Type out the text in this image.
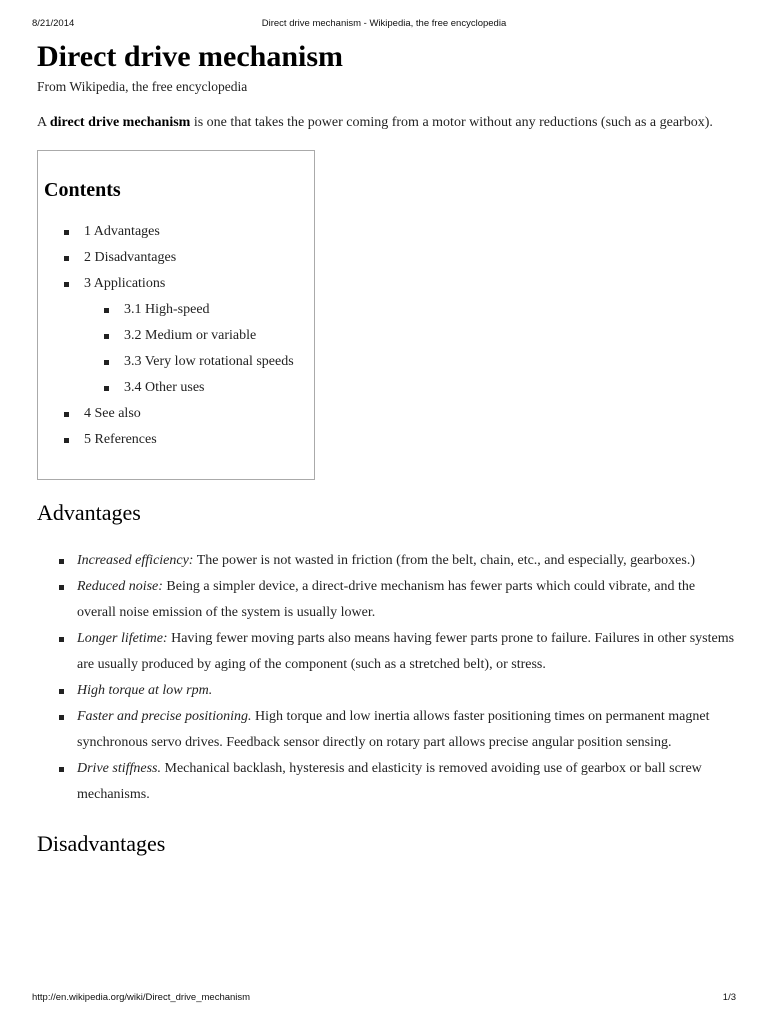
8/21/2014	Direct drive mechanism - Wikipedia, the free encyclopedia
Direct drive mechanism
From Wikipedia, the free encyclopedia

A direct drive mechanism is one that takes the power coming from a motor without any reductions (such as a gearbox).

Contents
1 Advantages
2 Disadvantages
3 Applications
3.1 High-speed
3.2 Medium or variable
3.3 Very low rotational speeds
3.4 Other uses
4 See also
5 References
Advantages
Increased efficiency: The power is not wasted in friction (from the belt, chain, etc., and especially, gearboxes.)
Reduced noise: Being a simpler device, a direct-drive mechanism has fewer parts which could vibrate, and the overall noise emission of the system is usually lower.
Longer lifetime: Having fewer moving parts also means having fewer parts prone to failure. Failures in other systems are usually produced by aging of the component (such as a stretched belt), or stress.
High torque at low rpm.
Faster and precise positioning. High torque and low inertia allows faster positioning times on permanent magnet synchronous servo drives. Feedback sensor directly on rotary part allows precise angular position sensing.
Drive stiffness. Mechanical backlash, hysteresis and elasticity is removed avoiding use of gearbox or ball screw mechanisms.
Disadvantages
http://en.wikipedia.org/wiki/Direct_drive_mechanism	1/3
